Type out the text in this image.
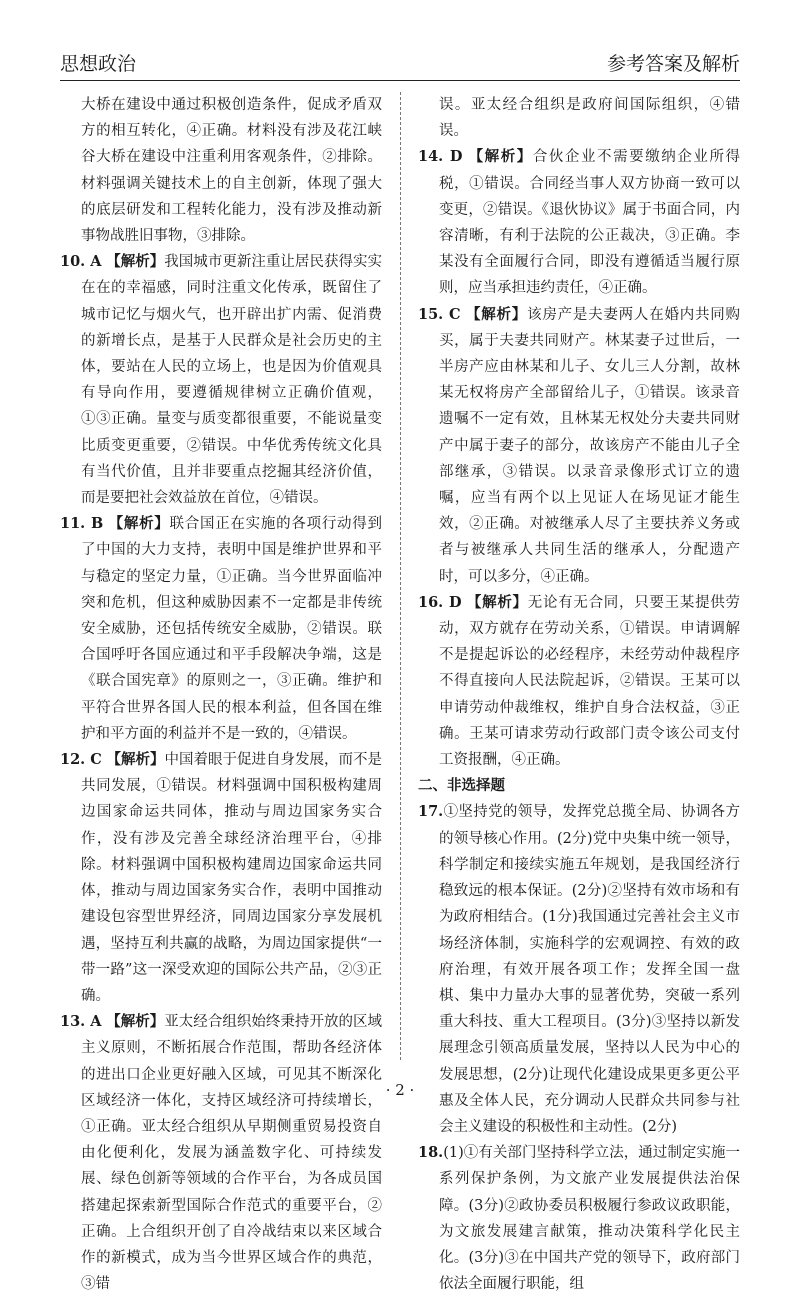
思想政治	参考答案及解析

大桥在建设中通过积极创造条件，促成矛盾双方的相互转化，④正确。材料没有涉及花江峡谷大桥在建设中注重利用客观条件，②排除。材料强调关键技术上的自主创新，体现了强大的底层研发和工程转化能力，没有涉及推动新事物战胜旧事物，③排除。

10. A 【解析】我国城市更新注重让居民获得实实在在的幸福感，同时注重文化传承，既留住了城市记忆与烟火气，也开辟出扩内需、促消费的新增长点，是基于人民群众是社会历史的主体，要站在人民的立场上，也是因为价值观具有导向作用，要遵循规律树立正确价值观，①③正确。量变与质变都很重要，不能说量变比质变更重要，②错误。中华优秀传统文化具有当代价值，且并非要重点挖掘其经济价值，而是要把社会效益放在首位，④错误。

11. B 【解析】联合国正在实施的各项行动得到了中国的大力支持，表明中国是维护世界和平与稳定的坚定力量，①正确。当今世界面临冲突和危机，但这种威胁因素不一定都是非传统安全威胁，还包括传统安全威胁，②错误。联合国呼吁各国应通过和平手段解决争端，这是《联合国宪章》的原则之一，③正确。维护和平符合世界各国人民的根本利益，但各国在维护和平方面的利益并不是一致的，④错误。

12. C 【解析】中国着眼于促进自身发展，而不是共同发展，①错误。材料强调中国积极构建周边国家命运共同体，推动与周边国家务实合作，没有涉及完善全球经济治理平台，④排除。材料强调中国积极构建周边国家命运共同体，推动与周边国家务实合作，表明中国推动建设包容型世界经济，同周边国家分享发展机遇，坚持互利共赢的战略，为周边国家提供“一带一路”这一深受欢迎的国际公共产品，②③正确。

13. A 【解析】亚太经合组织始终秉持开放的区域主义原则，不断拓展合作范围，帮助各经济体的进出口企业更好融入区域，可见其不断深化区域经济一体化，支持区域经济可持续增长，①正确。亚太经合组织从早期侧重贸易投资自由化便利化，发展为涵盖数字化、可持续发展、绿色创新等领域的合作平台，为各成员国搭建起探索新型国际合作范式的重要平台，②正确。上合组织开创了自冷战结束以来区域合作的新模式，成为当今世界区域合作的典范，③错

误。亚太经合组织是政府间国际组织，④错误。

14. D 【解析】合伙企业不需要缴纳企业所得税，①错误。合同经当事人双方协商一致可以变更，②错误。《退伙协议》属于书面合同，内容清晰，有利于法院的公正裁决，③正确。李某没有全面履行合同，即没有遵循适当履行原则，应当承担违约责任，④正确。

15. C 【解析】该房产是夫妻两人在婚内共同购买，属于夫妻共同财产。林某妻子过世后，一半房产应由林某和儿子、女儿三人分割，故林某无权将房产全部留给儿子，①错误。该录音遗嘱不一定有效，且林某无权处分夫妻共同财产中属于妻子的部分，故该房产不能由儿子全部继承，③错误。以录音录像形式订立的遗嘱，应当有两个以上见证人在场见证才能生效，②正确。对被继承人尽了主要扶养义务或者与被继承人共同生活的继承人，分配遗产时，可以多分，④正确。

16. D 【解析】无论有无合同，只要王某提供劳动，双方就存在劳动关系，①错误。申请调解不是提起诉讼的必经程序，未经劳动仲裁程序不得直接向人民法院起诉，②错误。王某可以申请劳动仲裁维权，维护自身合法权益，③正确。王某可请求劳动行政部门责令该公司支付工资报酬，④正确。

二、非选择题

17.①坚持党的领导，发挥党总揽全局、协调各方的领导核心作用。(2分)党中央集中统一领导，科学制定和接续实施五年规划，是我国经济行稳致远的根本保证。(2分)②坚持有效市场和有为政府相结合。(1分)我国通过完善社会主义市场经济体制，实施科学的宏观调控、有效的政府治理，有效开展各项工作；发挥全国一盘棋、集中力量办大事的显著优势，突破一系列重大科技、重大工程项目。(3分)③坚持以新发展理念引领高质量发展，坚持以人民为中心的发展思想，(2分)让现代化建设成果更多更公平惠及全体人民，充分调动人民群众共同参与社会主义建设的积极性和主动性。(2分)

18.(1)①有关部门坚持科学立法，通过制定实施一系列保护条例，为文旅产业发展提供法治保障。(3分)②政协委员积极履行参政议政职能，为文旅发展建言献策，推动决策科学化民主化。(3分)③在中国共产党的领导下，政府部门依法全面履行职能，组

· 2 ·
